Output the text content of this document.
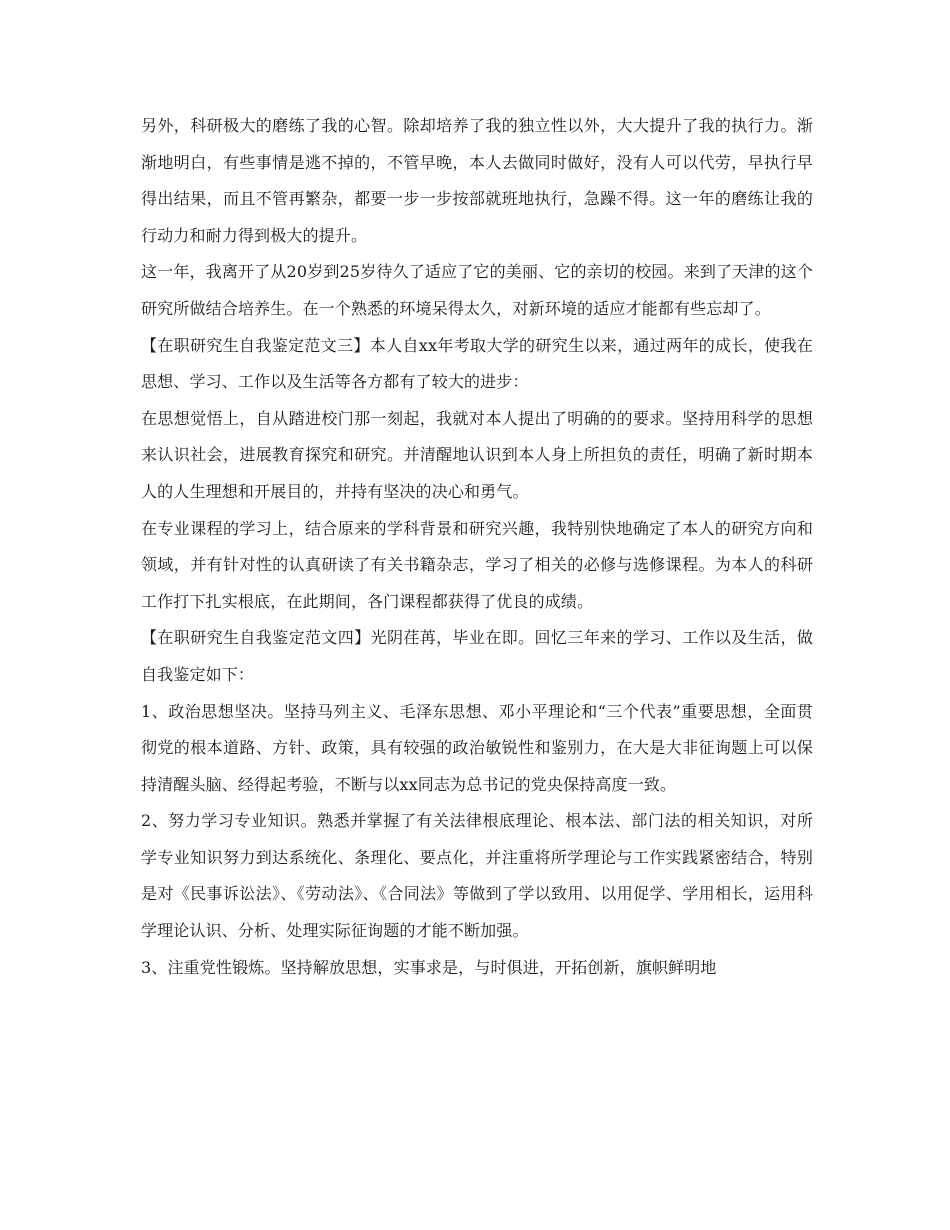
另外，科研极大的磨练了我的心智。除却培养了我的独立性以外，大大提升了我的执行力。渐渐地明白，有些事情是逃不掉的，不管早晚，本人去做同时做好，没有人可以代劳，早执行早得出结果，而且不管再繁杂，都要一步一步按部就班地执行，急躁不得。这一年的磨练让我的行动力和耐力得到极大的提升。

这一年，我离开了从20岁到25岁待久了适应了它的美丽、它的亲切的校园。来到了天津的这个研究所做结合培养生。在一个熟悉的环境呆得太久，对新环境的适应才能都有些忘却了。

【在职研究生自我鉴定范文三】本人自xx年考取大学的研究生以来，通过两年的成长，使我在思想、学习、工作以及生活等各方都有了较大的进步：

在思想觉悟上，自从踏进校门那一刻起，我就对本人提出了明确的的要求。坚持用科学的思想来认识社会，进展教育探究和研究。并清醒地认识到本人身上所担负的责任，明确了新时期本人的人生理想和开展目的，并持有坚决的决心和勇气。

在专业课程的学习上，结合原来的学科背景和研究兴趣，我特别快地确定了本人的研究方向和领域，并有针对性的认真研读了有关书籍杂志，学习了相关的必修与选修课程。为本人的科研工作打下扎实根底，在此期间，各门课程都获得了优良的成绩。

【在职研究生自我鉴定范文四】光阴荏苒，毕业在即。回忆三年来的学习、工作以及生活，做自我鉴定如下：

1、政治思想坚决。坚持马列主义、毛泽东思想、邓小平理论和“三个代表”重要思想，全面贯彻党的根本道路、方针、政策，具有较强的政治敏锐性和鉴别力，在大是大非征询题上可以保持清醒头脑、经得起考验，不断与以xx同志为总书记的党央保持高度一致。

2、努力学习专业知识。熟悉并掌握了有关法律根底理论、根本法、部门法的相关知识，对所学专业知识努力到达系统化、条理化、要点化，并注重将所学理论与工作实践紧密结合，特别是对《民事诉讼法》、《劳动法》、《合同法》等做到了学以致用、以用促学、学用相长，运用科学理论认识、分析、处理实际征询题的才能不断加强。

3、注重党性锻炼。坚持解放思想，实事求是，与时俱进，开拓创新，旗帜鲜明地
